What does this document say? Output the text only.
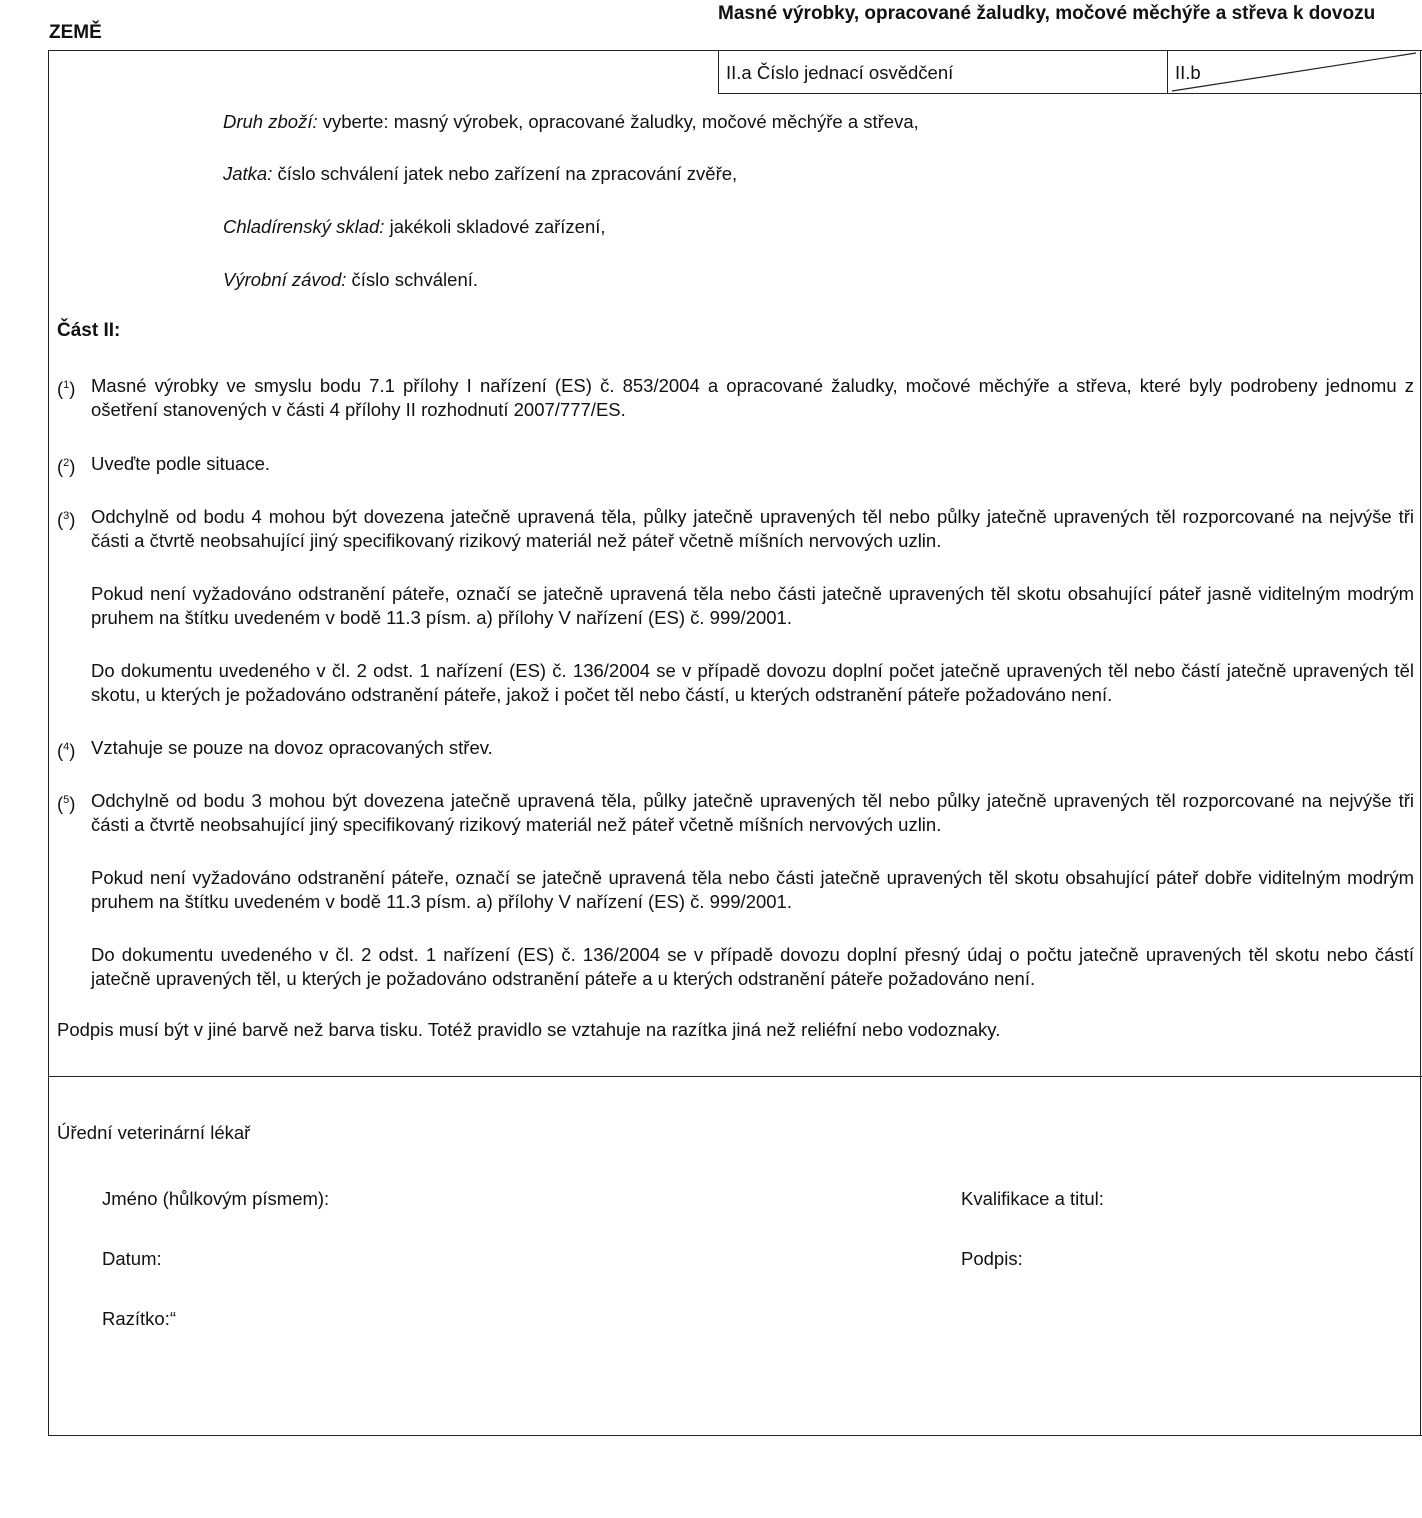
ZEMĚ
Masné výrobky, opracované žaludky, močové měchýře a střeva k dovozu
II.a Číslo jednací osvědčení	II.b
Druh zboží: vyberte: masný výrobek, opracované žaludky, močové měchýře a střeva,
Jatka: číslo schválení jatek nebo zařízení na zpracování zvěře,
Chladírenský sklad: jakékoli skladové zařízení,
Výrobní závod: číslo schválení.
Část II:
($^1$) Masné výrobky ve smyslu bodu 7.1 přílohy I nařízení (ES) č. 853/2004 a opracované žaludky, močové měchýře a střeva, které byly podrobeny jednomu z ošetření stanovených v části 4 přílohy II rozhodnutí 2007/777/ES.
($^2$) Uveďte podle situace.
($^3$) Odchylně od bodu 4 mohou být dovezena jatečně upravená těla, půlky jatečně upravených těl nebo půlky jatečně upravených těl rozporcované na nejvýše tři části a čtvrtě neobsahující jiný specifikovaný rizikový materiál než páteř včetně míšních nervových uzlin.
Pokud není vyžadováno odstranění páteře, označí se jatečně upravená těla nebo části jatečně upravených těl skotu obsahující páteř jasně viditelným modrým pruhem na štítku uvedeném v bodě 11.3 písm. a) přílohy V nařízení (ES) č. 999/2001.
Do dokumentu uvedeného v čl. 2 odst. 1 nařízení (ES) č. 136/2004 se v případě dovozu doplní počet jatečně upravených těl nebo částí jatečně upravených těl skotu, u kterých je požadováno odstranění páteře, jakož i počet těl nebo částí, u kterých odstranění páteře požadováno není.
($^4$) Vztahuje se pouze na dovoz opracovaných střev.
($^5$) Odchylně od bodu 3 mohou být dovezena jatečně upravená těla, půlky jatečně upravených těl nebo půlky jatečně upravených těl rozporcované na nejvýše tři části a čtvrtě neobsahující jiný specifikovaný rizikový materiál než páteř včetně míšních nervových uzlin.
Pokud není vyžadováno odstranění páteře, označí se jatečně upravená těla nebo části jatečně upravených těl skotu obsahující páteř dobře viditelným modrým pruhem na štítku uvedeném v bodě 11.3 písm. a) přílohy V nařízení (ES) č. 999/2001.
Do dokumentu uvedeného v čl. 2 odst. 1 nařízení (ES) č. 136/2004 se v případě dovozu doplní přesný údaj o počtu jatečně upravených těl skotu nebo částí jatečně upravených těl, u kterých je požadováno odstranění páteře a u kterých odstranění páteře požadováno není.
Podpis musí být v jiné barvě než barva tisku. Totéž pravidlo se vztahuje na razítka jiná než reliéfní nebo vodoznaky.
Úřední veterinární lékař
Jméno (hůlkovým písmem):	Kvalifikace a titul:
Datum:	Podpis:
Razítko:“
